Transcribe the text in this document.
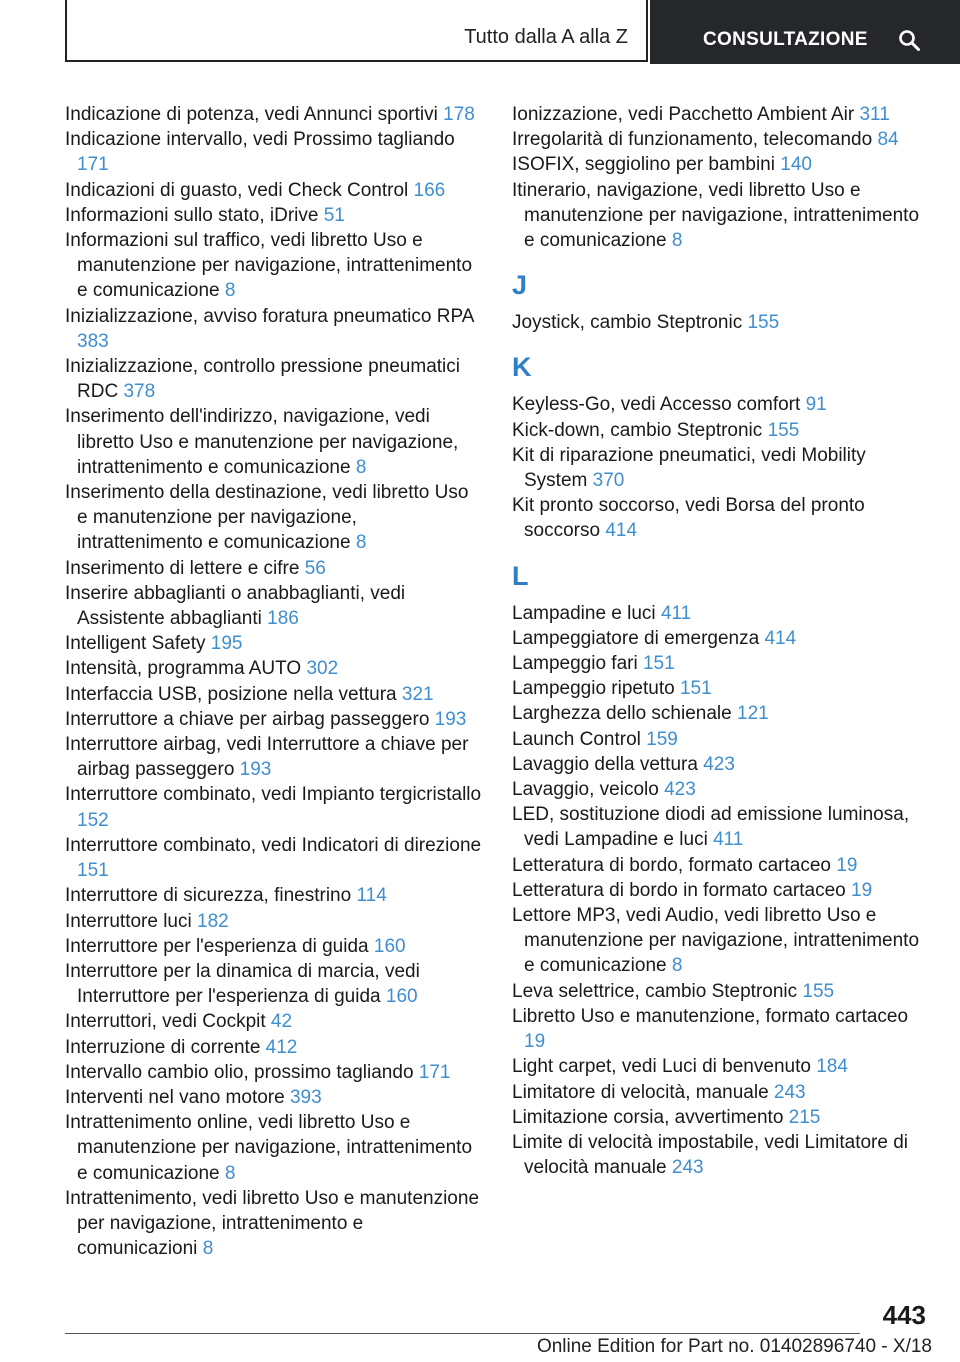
Tutto dalla A alla Z	CONSULTAZIONE

Indicazione di potenza, vedi Annunci sportivi 178

Indicazione intervallo, vedi Prossimo tagliando 171

Indicazioni di guasto, vedi Check Control 166

Informazioni sullo stato, iDrive 51

Informazioni sul traffico, vedi libretto Uso e manutenzione per navigazione, intrattenimento e comunicazione 8

Inizializzazione, avviso foratura pneumatico RPA 383

Inizializzazione, controllo pressione pneumatici RDC 378

Inserimento dell'indirizzo, navigazione, vedi libretto Uso e manutenzione per navigazione, intrattenimento e comunicazione 8

Inserimento della destinazione, vedi libretto Uso e manutenzione per navigazione, intrattenimento e comunicazione 8

Inserimento di lettere e cifre 56

Inserire abbaglianti o anabbaglianti, vedi Assistente abbaglianti 186

Intelligent Safety 195

Intensità, programma AUTO 302

Interfaccia USB, posizione nella vettura 321

Interruttore a chiave per airbag passeggero 193

Interruttore airbag, vedi Interruttore a chiave per airbag passeggero 193

Interruttore combinato, vedi Impianto tergicristallo 152

Interruttore combinato, vedi Indicatori di direzione 151

Interruttore di sicurezza, finestrino 114

Interruttore luci 182

Interruttore per l'esperienza di guida 160

Interruttore per la dinamica di marcia, vedi Interruttore per l'esperienza di guida 160

Interruttori, vedi Cockpit 42

Interruzione di corrente 412

Intervallo cambio olio, prossimo tagliando 171

Interventi nel vano motore 393

Intrattenimento online, vedi libretto Uso e manutenzione per navigazione, intrattenimento e comunicazione 8

Intrattenimento, vedi libretto Uso e manutenzione per navigazione, intrattenimento e comunicazioni 8

Ionizzazione, vedi Pacchetto Ambient Air 311

Irregolarità di funzionamento, telecomando 84

ISOFIX, seggiolino per bambini 140

Itinerario, navigazione, vedi libretto Uso e manutenzione per navigazione, intrattenimento e comunicazione 8

J

Joystick, cambio Steptronic 155

K

Keyless-Go, vedi Accesso comfort 91

Kick-down, cambio Steptronic 155

Kit di riparazione pneumatici, vedi Mobility System 370

Kit pronto soccorso, vedi Borsa del pronto soccorso 414

L

Lampadine e luci 411

Lampeggiatore di emergenza 414

Lampeggio fari 151

Lampeggio ripetuto 151

Larghezza dello schienale 121

Launch Control 159

Lavaggio della vettura 423

Lavaggio, veicolo 423

LED, sostituzione diodi ad emissione luminosa, vedi Lampadine e luci 411

Letteratura di bordo, formato cartaceo 19

Letteratura di bordo in formato cartaceo 19

Lettore MP3, vedi Audio, vedi libretto Uso e manutenzione per navigazione, intrattenimento e comunicazione 8

Leva selettrice, cambio Steptronic 155

Libretto Uso e manutenzione, formato cartaceo 19

Light carpet, vedi Luci di benvenuto 184

Limitatore di velocità, manuale 243

Limitazione corsia, avvertimento 215

Limite di velocità impostabile, vedi Limitatore di velocità manuale 243

443
Online Edition for Part no. 01402896740 - X/18
